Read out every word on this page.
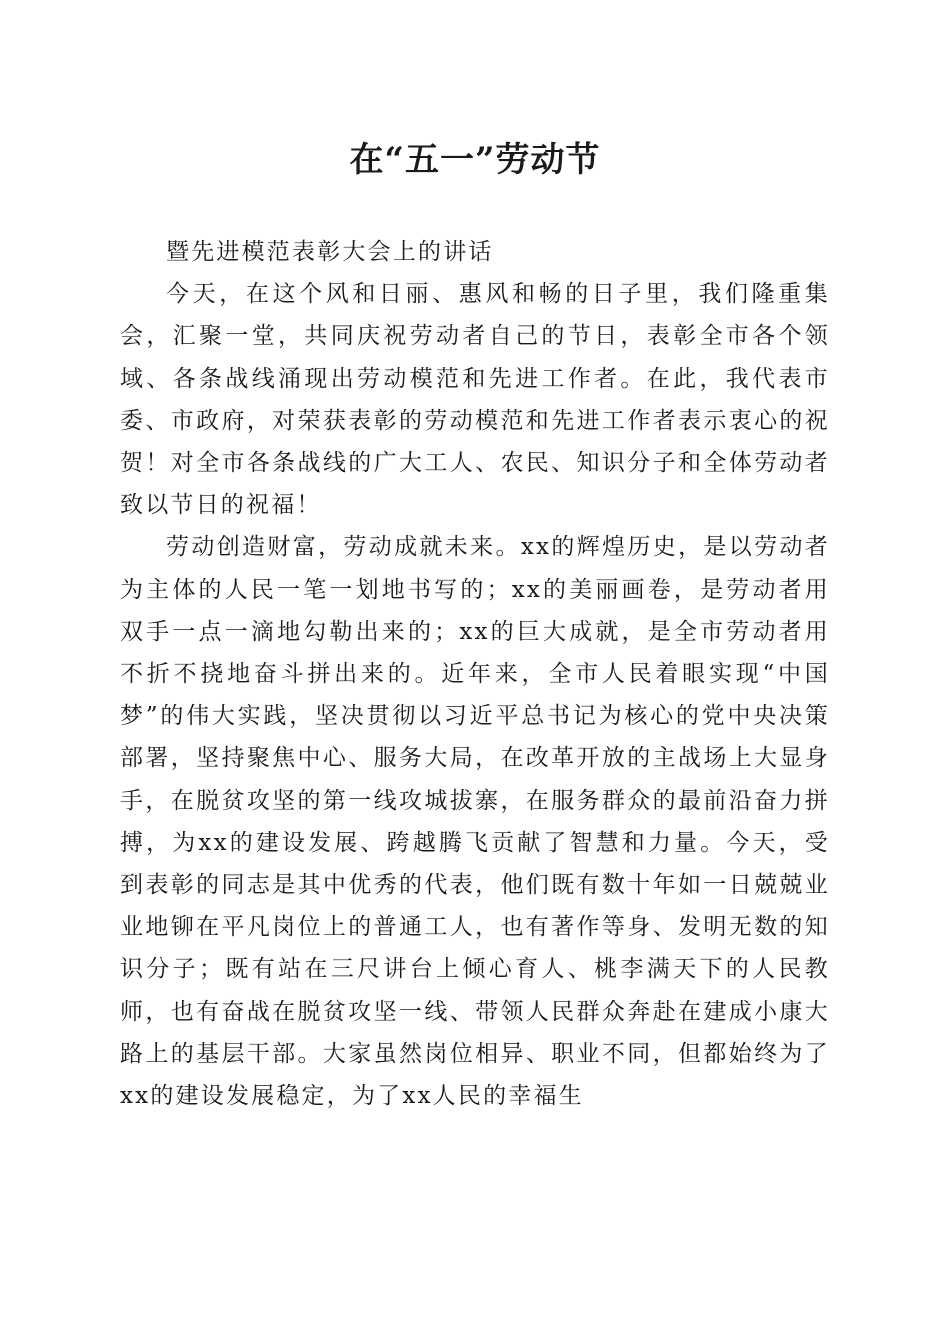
在“五一”劳动节

暨先进模范表彰大会上的讲话

今天，在这个风和日丽、惠风和畅的日子里，我们隆重集会，汇聚一堂，共同庆祝劳动者自己的节日，表彰全市各个领域、各条战线涌现出劳动模范和先进工作者。在此，我代表市委、市政府，对荣获表彰的劳动模范和先进工作者表示衷心的祝贺！对全市各条战线的广大工人、农民、知识分子和全体劳动者致以节日的祝福！

劳动创造财富，劳动成就未来。xx的辉煌历史，是以劳动者为主体的人民一笔一划地书写的；xx的美丽画卷，是劳动者用双手一点一滴地勾勒出来的；xx的巨大成就，是全市劳动者用不折不挠地奋斗拼出来的。近年来，全市人民着眼实现“中国梦”的伟大实践，坚决贯彻以习近平总书记为核心的党中央决策部署，坚持聚焦中心、服务大局，在改革开放的主战场上大显身手，在脱贫攻坚的第一线攻城拔寨，在服务群众的最前沿奋力拼搏，为xx的建设发展、跨越腾飞贡献了智慧和力量。今天，受到表彰的同志是其中优秀的代表，他们既有数十年如一日兢兢业业地铆在平凡岗位上的普通工人，也有著作等身、发明无数的知识分子；既有站在三尺讲台上倾心育人、桃李满天下的人民教师，也有奋战在脱贫攻坚一线、带领人民群众奔赴在建成小康大路上的基层干部。大家虽然岗位相异、职业不同，但都始终为了xx的建设发展稳定，为了xx人民的幸福生
